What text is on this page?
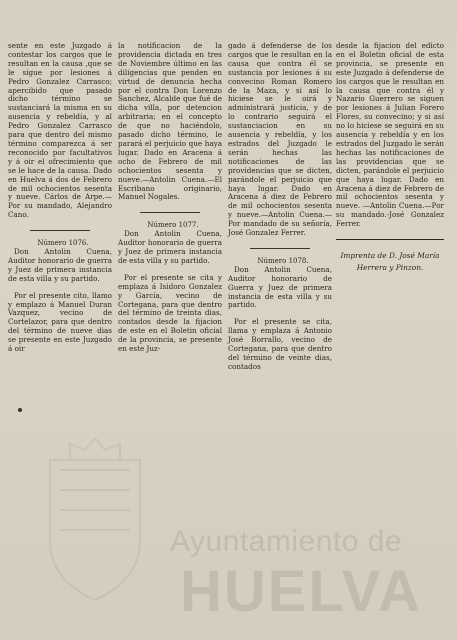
sente en este Juzgado á contestar los cargos que le resultan en la causa ,que se le sigue por lesiones á Pedro Gonzalez Carrasco; apercibido que pasado dicho término se sustanciará la misma en su ausencia y rebeldía, y al Pedro Gonzalez Carrasco para que dentro del mismo término comparezca á ser reconocido por facultativos y á oir el ofrecimiento que se le hace de la causa. Dado en Huelva á dos de Febrero de mil ochocientos sesenta y nueve. Cárlos de Arpe.—Por su mandado, Alejandro Cano.

Número 1076.

Don Antolin Cuena, Auditor honorario de guerra y Juez de primera instancia de esta villa y su partido.

Por el presente cito, llamo y emplazo á Manuel Duran Vazquez, vecino de Cortelazor, para que dentro del término de nueve dias se presente en este Juzgado á oir

la notificacion de la providencia dictada en tres de Noviembre último en las diligencias que penden en virtud de denuncia hecha por el contra Don Lorenzo Sanchez, Alcalde que fué de dicha villa, por detencion arbitraria; en el concepto de que no haciéndolo, pasado dicho término, le parará el perjuicio que haya lugar. Dado en Aracena á ocho de Febrero de mil ochocientos sesenta y nueve.—Antolin Cuena.—El Escribano originario, Manuel Nogales.

Número 1077.

Don Antolin Cuena, Auditor honorario de guerra y Juez de primera instancia de esta villa y su partido.

Por el presente se cita y emplaza á Isidoro Gonzalez y García, vecino de Cortegana, para que dentro del término de treinta dias, contados desde la fijacion de este en el Boletin oficial de la provincia, se presente en este Juz-

gado á defenderse de los cargos que le resultan en la causa que contra él se sustancia por lesiones á su convecino Roman Romero de la Maza, y si así lo hiciese se le oirá y administrará justicia, y de lo contrario seguirá el sustanciacion en su ausencia y rebeldía, y los estrados del Juzgado le serán hechas las notificaciones de las providencias que se dicten, parándole el perjuicio que haya lugar. Dado en Aracena á diez de Febrero de mil ochocientos sesenta y nueve.—Antolin Cuena.—Por mandado de su señoría, José Gonzalez Ferrer.

Número 1078.

Don Antolin Cuena, Auditor honorario de Guerra y Juez de primera instancia de esta villa y su partido.

Por el presente se cita, llama y emplaza á Antonio José Borrallo, vecino de Cortegana, para que dentro del término de veinte dias, contados

desde la fijacion del edicto en el Boletin oficial de esta provincia, se presente en este Juzgado á defenderse de los cargos que le resultan en la causa que contra él y Nazario Guerrero se siguen por lesiones á Julian Forero Flores, su convecino; y si así no lo hiciese se seguirá en su ausencia y rebeldía y en los estrados del Juzgado le serán hechas las notificaciones de las providencias que se dicten, parándole el perjuicio que haya lugar. Dado en Aracena á diez de Febrero de mil ochocientos sesenta y nueve. —Antolin Cuena.—Por su mandado.-José Gonzalez Ferrer.

Imprenta de D. José María
Herrera y Pinzon.
Ayuntamiento de
HUELVA
